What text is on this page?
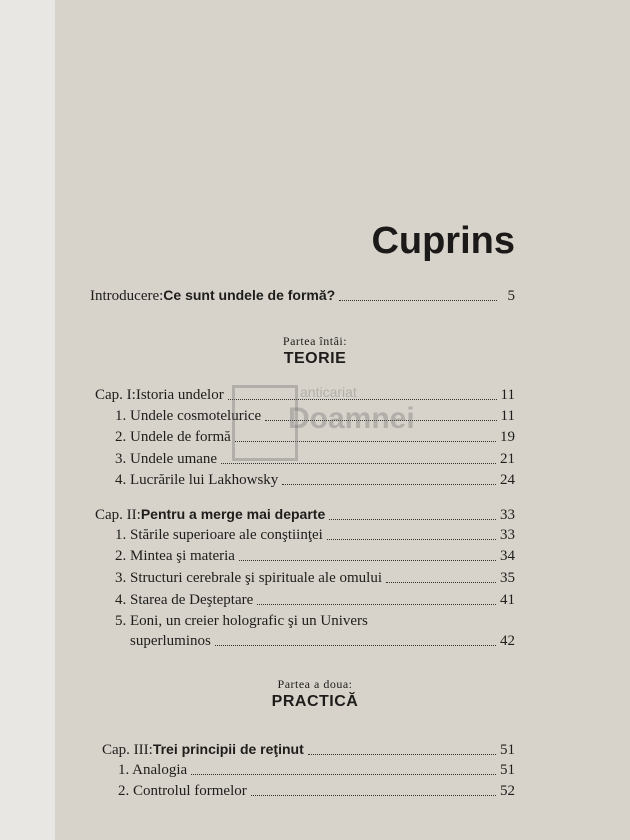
Cuprins
Introducere: Ce sunt undele de formă?	5
Partea întâi:
TEORIE
Cap. I: Istoria undelor	11
1. Undele cosmotelurice	11
2. Undele de formă	19
3. Undele umane	21
4. Lucrările lui Lakhowsky	24
Cap. II: Pentru a merge mai departe	33
1. Stările superioare ale conştiinţei	33
2. Mintea şi materia	34
3. Structuri cerebrale şi spirituale ale omului	35
4. Starea de Deşteptare	41
5. Eoni, un creier holografic şi un Univers
superluminos	42
Partea a doua:
PRACTICĂ
Cap. III: Trei principii de reţinut	51
1. Analogia	51
2. Controlul formelor	52
anticariat
Doamnei
